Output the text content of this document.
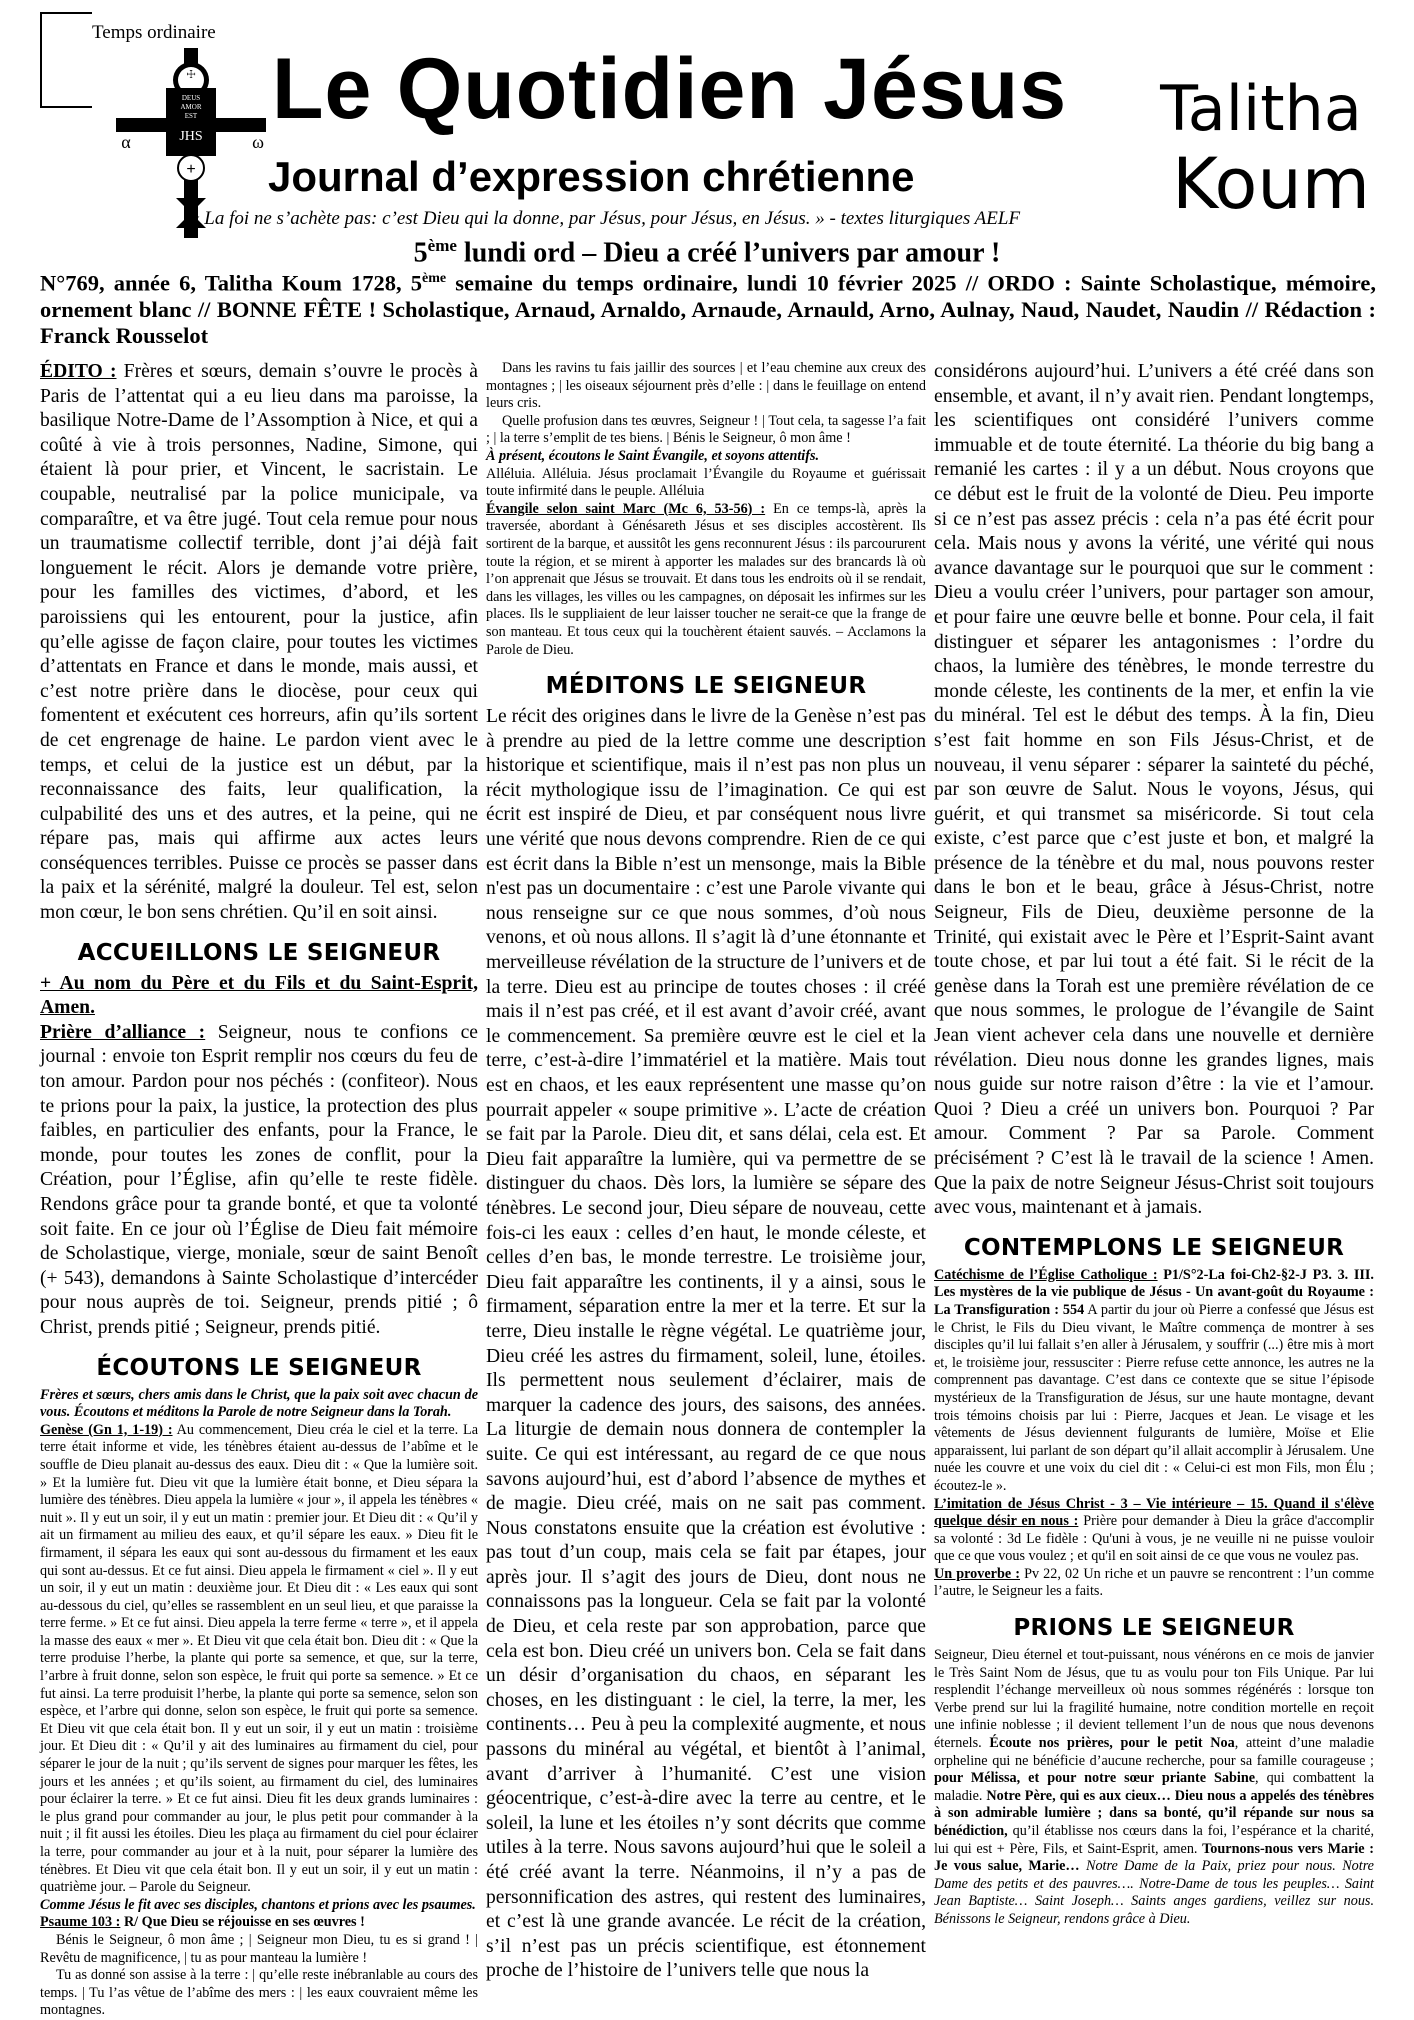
Temps ordinaire
☩
DEUS
AMOR
EST
JHS
α	ω
+
Le Quotidien Jésus
Journal d’expression chrétienne
« La foi ne s’achète pas: c’est Dieu qui la donne, par Jésus, pour Jésus, en Jésus. » - textes liturgiques AELF
Talitha
Koum
5ème lundi ord – Dieu a créé l’univers par amour !
N°769, année 6, Talitha Koum 1728, 5ème semaine du temps ordinaire, lundi 10 février 2025 // ORDO : Sainte Scholastique, mémoire, ornement blanc // BONNE FÊTE ! Scholastique, Arnaud, Arnaldo, Arnaude, Arnauld, Arno, Aulnay, Naud, Naudet, Naudin // Rédaction : Franck Rousselot

ÉDITO : Frères et sœurs, demain s’ouvre le procès à Paris de l’attentat qui a eu lieu dans ma paroisse, la basilique Notre-Dame de l’Assomption à Nice, et qui a coûté à vie à trois personnes, Nadine, Simone, qui étaient là pour prier, et Vincent, le sacristain. Le coupable, neutralisé par la police municipale, va comparaître, et va être jugé. Tout cela remue pour nous un traumatisme collectif terrible, dont j’ai déjà fait longuement le récit. Alors je demande votre prière, pour les familles des victimes, d’abord, et les paroissiens qui les entourent, pour la justice, afin qu’elle agisse de façon claire, pour toutes les victimes d’attentats en France et dans le monde, mais aussi, et c’est notre prière dans le diocèse, pour ceux qui fomentent et exécutent ces horreurs, afin qu’ils sortent de cet engrenage de haine. Le pardon vient avec le temps, et celui de la justice est un début, par la reconnaissance des faits, leur qualification, la culpabilité des uns et des autres, et la peine, qui ne répare pas, mais qui affirme aux actes leurs conséquences terribles. Puisse ce procès se passer dans la paix et la sérénité, malgré la douleur. Tel est, selon mon cœur, le bon sens chrétien. Qu’il en soit ainsi.

ACCUEILLONS LE SEIGNEUR

+ Au nom du Père et du Fils et du Saint-Esprit, Amen.

Prière d’alliance : Seigneur, nous te confions ce journal : envoie ton Esprit remplir nos cœurs du feu de ton amour. Pardon pour nos péchés : (confiteor). Nous te prions pour la paix, la justice, la protection des plus faibles, en particulier des enfants, pour la France, le monde, pour toutes les zones de conflit, pour la Création, pour l’Église, afin qu’elle te reste fidèle. Rendons grâce pour ta grande bonté, et que ta volonté soit faite. En ce jour où l’Église de Dieu fait mémoire de Scholastique, vierge, moniale, sœur de saint Benoît (+ 543), demandons à Sainte Scholastique d’intercéder pour nous auprès de toi. Seigneur, prends pitié ; ô Christ, prends pitié ; Seigneur, prends pitié.

ÉCOUTONS LE SEIGNEUR

Frères et sœurs, chers amis dans le Christ, que la paix soit avec chacun de vous. Écoutons et méditons la Parole de notre Seigneur dans la Torah.

Genèse (Gn 1, 1-19) : Au commencement, Dieu créa le ciel et la terre. La terre était informe et vide, les ténèbres étaient au-dessus de l’abîme et le souffle de Dieu planait au-dessus des eaux. Dieu dit : « Que la lumière soit. » Et la lumière fut. Dieu vit que la lumière était bonne, et Dieu sépara la lumière des ténèbres. Dieu appela la lumière « jour », il appela les ténèbres « nuit ». Il y eut un soir, il y eut un matin : premier jour. Et Dieu dit : « Qu’il y ait un firmament au milieu des eaux, et qu’il sépare les eaux. » Dieu fit le firmament, il sépara les eaux qui sont au-dessous du firmament et les eaux qui sont au-dessus. Et ce fut ainsi. Dieu appela le firmament « ciel ». Il y eut un soir, il y eut un matin : deuxième jour. Et Dieu dit : « Les eaux qui sont au-dessous du ciel, qu’elles se rassemblent en un seul lieu, et que paraisse la terre ferme. » Et ce fut ainsi. Dieu appela la terre ferme « terre », et il appela la masse des eaux « mer ». Et Dieu vit que cela était bon. Dieu dit : « Que la terre produise l’herbe, la plante qui porte sa semence, et que, sur la terre, l’arbre à fruit donne, selon son espèce, le fruit qui porte sa semence. » Et ce fut ainsi. La terre produisit l’herbe, la plante qui porte sa semence, selon son espèce, et l’arbre qui donne, selon son espèce, le fruit qui porte sa semence. Et Dieu vit que cela était bon. Il y eut un soir, il y eut un matin : troisième jour. Et Dieu dit : « Qu’il y ait des luminaires au firmament du ciel, pour séparer le jour de la nuit ; qu’ils servent de signes pour marquer les fêtes, les jours et les années ; et qu’ils soient, au firmament du ciel, des luminaires pour éclairer la terre. » Et ce fut ainsi. Dieu fit les deux grands luminaires : le plus grand pour commander au jour, le plus petit pour commander à la nuit ; il fit aussi les étoiles. Dieu les plaça au firmament du ciel pour éclairer la terre, pour commander au jour et à la nuit, pour séparer la lumière des ténèbres. Et Dieu vit que cela était bon. Il y eut un soir, il y eut un matin : quatrième jour. – Parole du Seigneur.

Comme Jésus le fit avec ses disciples, chantons et prions avec les psaumes.

Psaume 103 : R/ Que Dieu se réjouisse en ses œuvres !

Bénis le Seigneur, ô mon âme ; | Seigneur mon Dieu, tu es si grand ! | Revêtu de magnificence, | tu as pour manteau la lumière !

Tu as donné son assise à la terre : | qu’elle reste inébranlable au cours des temps. | Tu l’as vêtue de l’abîme des mers : | les eaux couvraient même les montagnes.

Dans les ravins tu fais jaillir des sources | et l’eau chemine aux creux des montagnes ; | les oiseaux séjournent près d’elle : | dans le feuillage on entend leurs cris.

Quelle profusion dans tes œuvres, Seigneur ! | Tout cela, ta sagesse l’a fait ; | la terre s’emplit de tes biens. | Bénis le Seigneur, ô mon âme !

À présent, écoutons le Saint Évangile, et soyons attentifs.

Alléluia. Alléluia. Jésus proclamait l’Évangile du Royaume et guérissait toute infirmité dans le peuple. Alléluia

Évangile selon saint Marc (Mc 6, 53-56) : En ce temps-là, après la traversée, abordant à Génésareth Jésus et ses disciples accostèrent. Ils sortirent de la barque, et aussitôt les gens reconnurent Jésus : ils parcoururent toute la région, et se mirent à apporter les malades sur des brancards là où l’on apprenait que Jésus se trouvait. Et dans tous les endroits où il se rendait, dans les villages, les villes ou les campagnes, on déposait les infirmes sur les places. Ils le suppliaient de leur laisser toucher ne serait-ce que la frange de son manteau. Et tous ceux qui la touchèrent étaient sauvés. – Acclamons la Parole de Dieu.

MÉDITONS LE SEIGNEUR

Le récit des origines dans le livre de la Genèse n’est pas à prendre au pied de la lettre comme une description historique et scientifique, mais il n’est pas non plus un récit mythologique issu de l’imagination. Ce qui est écrit est inspiré de Dieu, et par conséquent nous livre une vérité que nous devons comprendre. Rien de ce qui est écrit dans la Bible n’est un mensonge, mais la Bible n'est pas un documentaire : c’est une Parole vivante qui nous renseigne sur ce que nous sommes, d’où nous venons, et où nous allons. Il s’agit là d’une étonnante et merveilleuse révélation de la structure de l’univers et de la terre. Dieu est au principe de toutes choses : il créé mais il n’est pas créé, et il est avant d’avoir créé, avant le commencement. Sa première œuvre est le ciel et la terre, c’est-à-dire l’immatériel et la matière. Mais tout est en chaos, et les eaux représentent une masse qu’on pourrait appeler « soupe primitive ». L’acte de création se fait par la Parole. Dieu dit, et sans délai, cela est. Et Dieu fait apparaître la lumière, qui va permettre de se distinguer du chaos. Dès lors, la lumière se sépare des ténèbres. Le second jour, Dieu sépare de nouveau, cette fois-ci les eaux : celles d’en haut, le monde céleste, et celles d’en bas, le monde terrestre. Le troisième jour, Dieu fait apparaître les continents, il y a ainsi, sous le firmament, séparation entre la mer et la terre. Et sur la terre, Dieu installe le règne végétal. Le quatrième jour, Dieu créé les astres du firmament, soleil, lune, étoiles. Ils permettent nous seulement d’éclairer, mais de marquer la cadence des jours, des saisons, des années. La liturgie de demain nous donnera de contempler la suite. Ce qui est intéressant, au regard de ce que nous savons aujourd’hui, est d’abord l’absence de mythes et de magie. Dieu créé, mais on ne sait pas comment. Nous constatons ensuite que la création est évolutive : pas tout d’un coup, mais cela se fait par étapes, jour après jour. Il s’agit des jours de Dieu, dont nous ne connaissons pas la longueur. Cela se fait par la volonté de Dieu, et cela reste par son approbation, parce que cela est bon. Dieu créé un univers bon. Cela se fait dans un désir d’organisation du chaos, en séparant les choses, en les distinguant : le ciel, la terre, la mer, les continents… Peu à peu la complexité augmente, et nous passons du minéral au végétal, et bientôt à l’animal, avant d’arriver à l’humanité. C’est une vision géocentrique, c’est-à-dire avec la terre au centre, et le soleil, la lune et les étoiles n’y sont décrits que comme utiles à la terre. Nous savons aujourd’hui que le soleil a été créé avant la terre. Néanmoins, il n’y a pas de personnification des astres, qui restent des luminaires, et c’est là une grande avancée. Le récit de la création, s’il n’est pas un précis scientifique, est étonnement proche de l’histoire de l’univers telle que nous la

considérons aujourd’hui. L’univers a été créé dans son ensemble, et avant, il n’y avait rien. Pendant longtemps, les scientifiques ont considéré l’univers comme immuable et de toute éternité. La théorie du big bang a remanié les cartes : il y a un début. Nous croyons que ce début est le fruit de la volonté de Dieu. Peu importe si ce n’est pas assez précis : cela n’a pas été écrit pour cela. Mais nous y avons la vérité, une vérité qui nous avance davantage sur le pourquoi que sur le comment : Dieu a voulu créer l’univers, pour partager son amour, et pour faire une œuvre belle et bonne. Pour cela, il fait distinguer et séparer les antagonismes : l’ordre du chaos, la lumière des ténèbres, le monde terrestre du monde céleste, les continents de la mer, et enfin la vie du minéral. Tel est le début des temps. À la fin, Dieu s’est fait homme en son Fils Jésus-Christ, et de nouveau, il venu séparer : séparer la sainteté du péché, par son œuvre de Salut. Nous le voyons, Jésus, qui guérit, et qui transmet sa miséricorde. Si tout cela existe, c’est parce que c’est juste et bon, et malgré la présence de la ténèbre et du mal, nous pouvons rester dans le bon et le beau, grâce à Jésus-Christ, notre Seigneur, Fils de Dieu, deuxième personne de la Trinité, qui existait avec le Père et l’Esprit-Saint avant toute chose, et par lui tout a été fait. Si le récit de la genèse dans la Torah est une première révélation de ce que nous sommes, le prologue de l’évangile de Saint Jean vient achever cela dans une nouvelle et dernière révélation. Dieu nous donne les grandes lignes, mais nous guide sur notre raison d’être : la vie et l’amour. Quoi ? Dieu a créé un univers bon. Pourquoi ? Par amour. Comment ? Par sa Parole. Comment précisément ? C’est là le travail de la science ! Amen. Que la paix de notre Seigneur Jésus-Christ soit toujours avec vous, maintenant et à jamais.

CONTEMPLONS LE SEIGNEUR

Catéchisme de l’Église Catholique : P1/S°2-La foi-Ch2-§2-J P3. 3. III. Les mystères de la vie publique de Jésus - Un avant-goût du Royaume : La Transfiguration : 554 A partir du jour où Pierre a confessé que Jésus est le Christ, le Fils du Dieu vivant, le Maître commença de montrer à ses disciples qu’il lui fallait s’en aller à Jérusalem, y souffrir (...) être mis à mort et, le troisième jour, ressusciter : Pierre refuse cette annonce, les autres ne la comprennent pas davantage. C’est dans ce contexte que se situe l’épisode mystérieux de la Transfiguration de Jésus, sur une haute montagne, devant trois témoins choisis par lui : Pierre, Jacques et Jean. Le visage et les vêtements de Jésus deviennent fulgurants de lumière, Moïse et Elie apparaissent, lui parlant de son départ qu’il allait accomplir à Jérusalem. Une nuée les couvre et une voix du ciel dit : « Celui-ci est mon Fils, mon Élu ; écoutez-le ».

L’imitation de Jésus Christ - 3 – Vie intérieure – 15. Quand il s'élève quelque désir en nous : Prière pour demander à Dieu la grâce d'accomplir sa volonté : 3d Le fidèle : Qu'uni à vous, je ne veuille ni ne puisse vouloir que ce que vous voulez ; et qu'il en soit ainsi de ce que vous ne voulez pas.

Un proverbe : Pv 22, 02 Un riche et un pauvre se rencontrent : l’un comme l’autre, le Seigneur les a faits.

PRIONS LE SEIGNEUR

Seigneur, Dieu éternel et tout-puissant, nous vénérons en ce mois de janvier le Très Saint Nom de Jésus, que tu as voulu pour ton Fils Unique. Par lui resplendit l’échange merveilleux où nous sommes régénérés : lorsque ton Verbe prend sur lui la fragilité humaine, notre condition mortelle en reçoit une infinie noblesse ; il devient tellement l’un de nous que nous devenons éternels. Écoute nos prières, pour le petit Noa, atteint d’une maladie orpheline qui ne bénéficie d’aucune recherche, pour sa famille courageuse ; pour Mélissa, et pour notre sœur priante Sabine, qui combattent la maladie. Notre Père, qui es aux cieux… Dieu nous a appelés des ténèbres à son admirable lumière ; dans sa bonté, qu’il répande sur nous sa bénédiction, qu’il établisse nos cœurs dans la foi, l’espérance et la charité, lui qui est + Père, Fils, et Saint-Esprit, amen. Tournons-nous vers Marie : Je vous salue, Marie… Notre Dame de la Paix, priez pour nous. Notre Dame des petits et des pauvres…. Notre-Dame de tous les peuples… Saint Jean Baptiste… Saint Joseph… Saints anges gardiens, veillez sur nous. Bénissons le Seigneur, rendons grâce à Dieu.
